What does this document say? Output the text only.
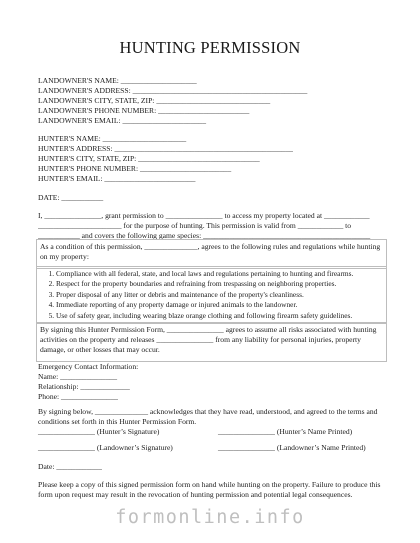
HUNTING PERMISSION
LANDOWNER'S NAME: ____________________
LANDOWNER'S ADDRESS: ______________________________________________
LANDOWNER'S CITY, STATE, ZIP: ______________________________
LANDOWNER'S PHONE NUMBER: ________________________
LANDOWNER'S EMAIL: ______________________
HUNTER'S NAME: ______________________
HUNTER'S ADDRESS: _______________________________________________
HUNTER'S CITY, STATE, ZIP: ________________________________
HUNTER'S PHONE NUMBER: ________________________
HUNTER'S EMAIL: ________________________
DATE: ___________
I, _______________, grant permission to _______________ to access my property located at ____________ ______________________ for the purpose of hunting. This permission is valid from ____________ to ___________ and covers the following game species: ____________________________________________
As a condition of this permission, ______________, agrees to the following rules and regulations while hunting on my property:
1. Compliance with all federal, state, and local laws and regulations pertaining to hunting and firearms.
2. Respect for the property boundaries and refraining from trespassing on neighboring properties.
3. Proper disposal of any litter or debris and maintenance of the property's cleanliness.
4. Immediate reporting of any property damage or injured animals to the landowner.
5. Use of safety gear, including wearing blaze orange clothing and following firearm safety guidelines.
By signing this Hunter Permission Form, _______________ agrees to assume all risks associated with hunting activities on the property and releases _______________ from any liability for personal injuries, property damage, or other losses that may occur.
Emergency Contact Information:
Name: _______________
Relationship: _____________
Phone: _______________
By signing below, ______________ acknowledges that they have read, understood, and agreed to the terms and conditions set forth in this Hunter Permission Form.
_______________ (Hunter’s Signature)	_______________ (Hunter’s Name Printed)
_______________ (Landowner’s Signature)	_______________ (Landowner’s Name Printed)
Date: ____________
Please keep a copy of this signed permission form on hand while hunting on the property. Failure to produce this form upon request may result in the revocation of hunting permission and potential legal consequences.
formonline.info
